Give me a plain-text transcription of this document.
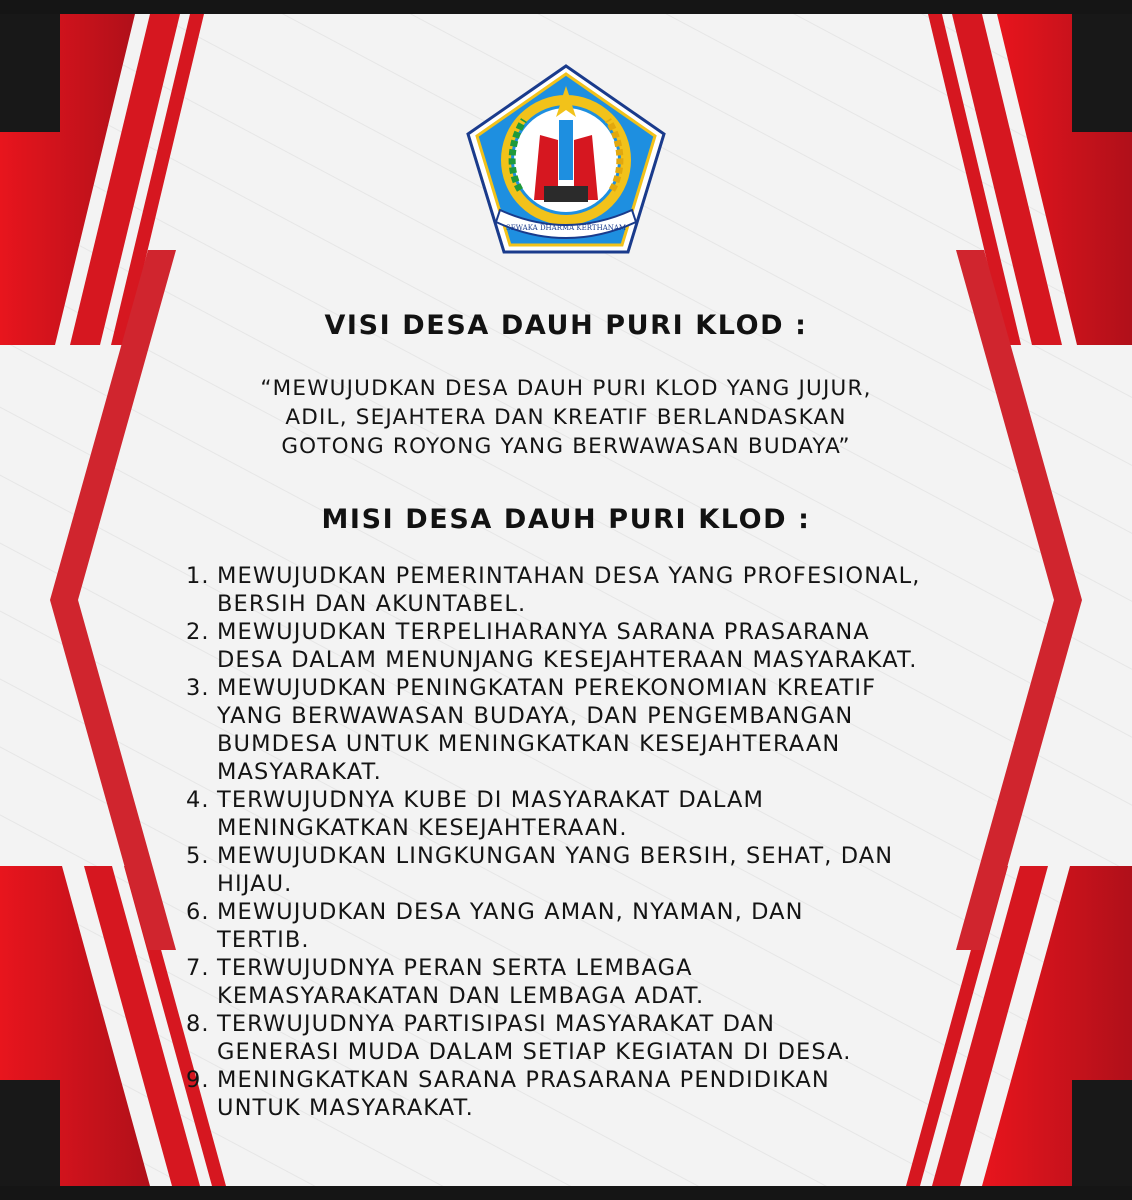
SEWAKA DHARMA KERTHANAM
VISI DESA DAUH PURI KLOD :

“MEWUJUDKAN DESA DAUH PURI KLOD YANG JUJUR,
ADIL, SEJAHTERA DAN KREATIF BERLANDASKAN
GOTONG ROYONG YANG BERWAWASAN BUDAYA”

MISI DESA DAUH PURI KLOD :
1. MEWUJUDKAN PEMERINTAHAN DESA YANG PROFESIONAL,
BERSIH DAN AKUNTABEL.
2. MEWUJUDKAN TERPELIHARANYA SARANA PRASARANA
DESA DALAM MENUNJANG KESEJAHTERAAN MASYARAKAT.
3. MEWUJUDKAN PENINGKATAN PEREKONOMIAN KREATIF
YANG BERWAWASAN BUDAYA, DAN PENGEMBANGAN
BUMDESA UNTUK MENINGKATKAN KESEJAHTERAAN
MASYARAKAT.
4. TERWUJUDNYA KUBE DI MASYARAKAT DALAM
MENINGKATKAN KESEJAHTERAAN.
5. MEWUJUDKAN LINGKUNGAN YANG BERSIH, SEHAT, DAN
HIJAU.
6. MEWUJUDKAN DESA YANG AMAN, NYAMAN, DAN
TERTIB.
7. TERWUJUDNYA PERAN SERTA LEMBAGA
KEMASYARAKATAN DAN LEMBAGA ADAT.
8. TERWUJUDNYA PARTISIPASI MASYARAKAT DAN
GENERASI MUDA DALAM SETIAP KEGIATAN DI DESA.
9. MENINGKATKAN SARANA PRASARANA PENDIDIKAN
UNTUK MASYARAKAT.
